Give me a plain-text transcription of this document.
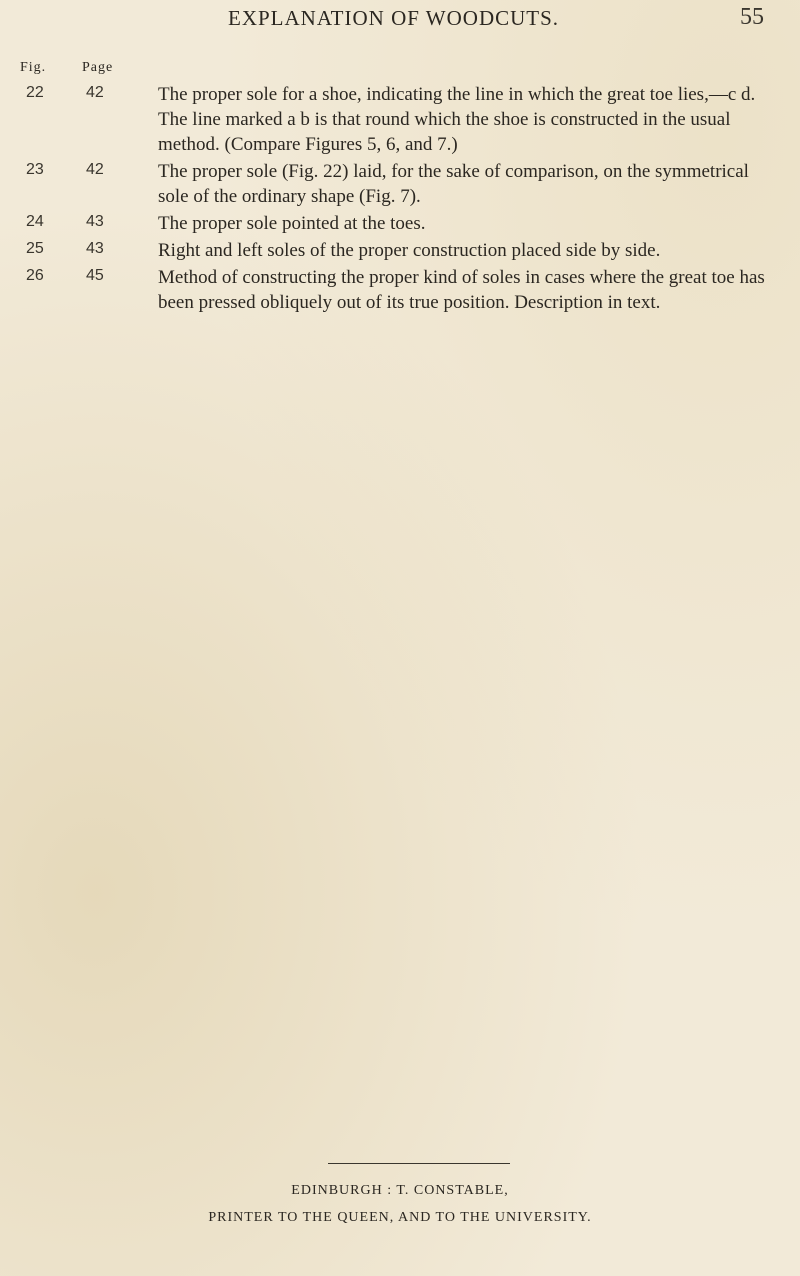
EXPLANATION OF WOODCUTS.	55
Fig.	Page
22	42	The proper sole for a shoe, indicating the line in which the great toe lies,—c d. The line marked a b is that round which the shoe is constructed in the usual method. (Compare Figures 5, 6, and 7.)
23	42	The proper sole (Fig. 22) laid, for the sake of comparison, on the symmetrical sole of the ordinary shape (Fig. 7).
24	43	The proper sole pointed at the toes.
25	43	Right and left soles of the proper construction placed side by side.
26	45	Method of constructing the proper kind of soles in cases where the great toe has been pressed obliquely out of its true position. Description in text.
EDINBURGH : T. CONSTABLE,
PRINTER TO THE QUEEN, AND TO THE UNIVERSITY.
